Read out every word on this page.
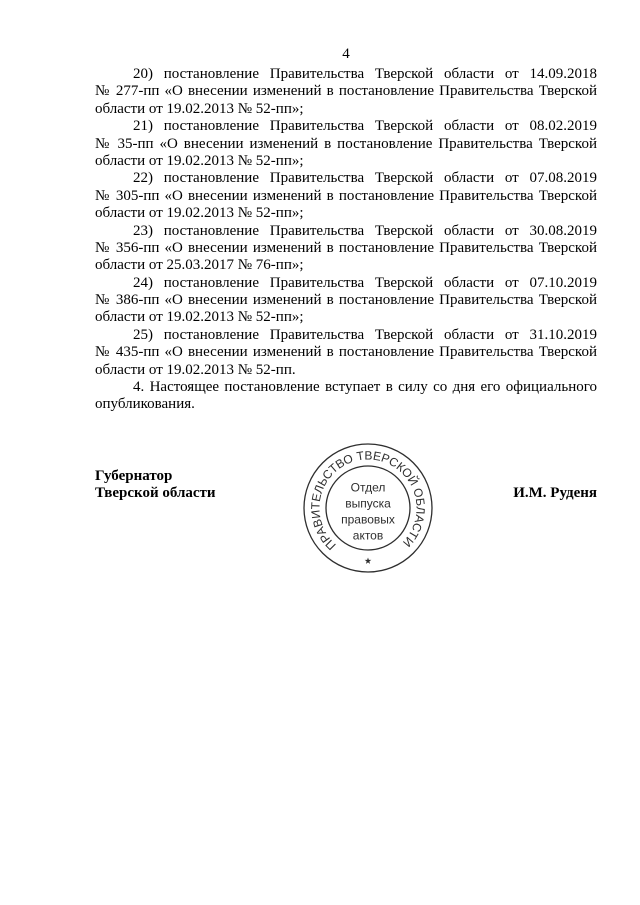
4
20) постановление Правительства Тверской области от 14.09.2018
№ 277-пп «О внесении изменений в постановление Правительства Тверской
области от 19.02.2013 № 52-пп»;
21) постановление Правительства Тверской области от 08.02.2019
№ 35-пп «О внесении изменений в постановление Правительства Тверской
области от 19.02.2013 № 52-пп»;
22) постановление Правительства Тверской области от 07.08.2019
№ 305-пп «О внесении изменений в постановление Правительства Тверской
области от 19.02.2013 № 52-пп»;
23) постановление Правительства Тверской области от 30.08.2019
№ 356-пп «О внесении изменений в постановление Правительства Тверской
области от 25.03.2017 № 76-пп»;
24) постановление Правительства Тверской области от 07.10.2019
№ 386-пп «О внесении изменений в постановление Правительства Тверской
области от 19.02.2013 № 52-пп»;
25) постановление Правительства Тверской области от 31.10.2019
№ 435-пп «О внесении изменений в постановление Правительства Тверской
области от 19.02.2013 № 52-пп.
4. Настоящее постановление вступает в силу со дня его официального
опубликования.
Губернатор
Тверской области	И.М. Руденя
ПРАВИТЕЛЬСТВО ТВЕРСКОЙ ОБЛАСТИ
Отдел
выпуска
правовых
актов
